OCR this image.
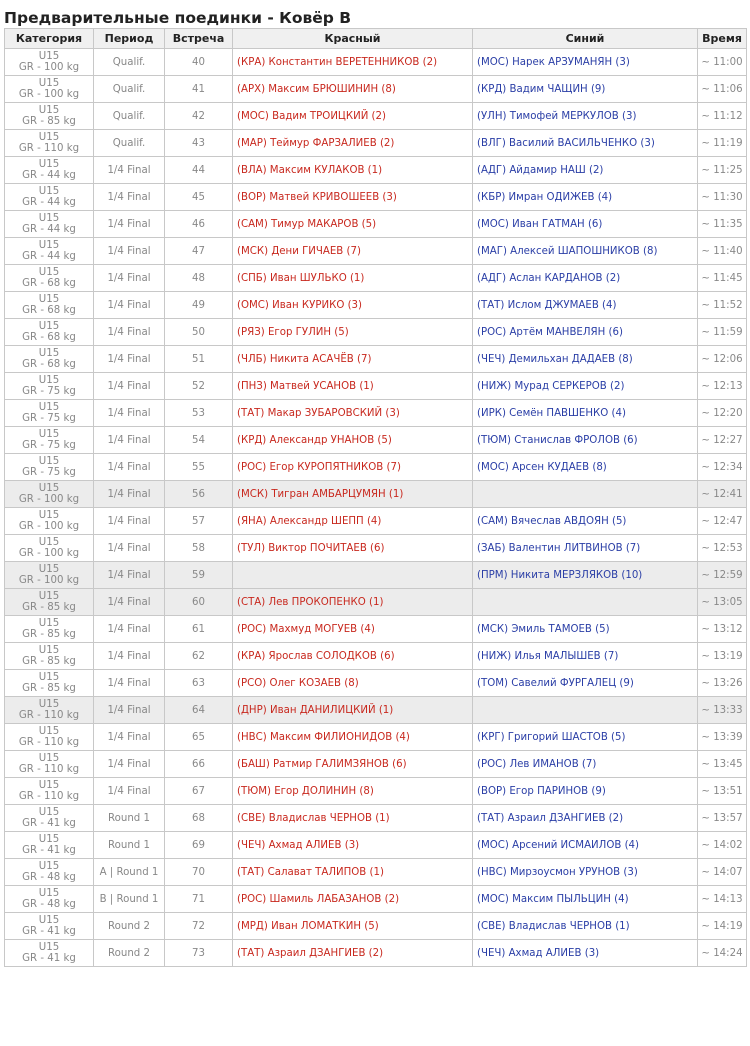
Предварительные поединки - Ковёр B
Категория	Период	Встреча	Красный	Синий	Время
U15
GR - 100 kg	Qualif.	40	(КРА) Константин ВЕРЕТЕННИКОВ (2)	(МОС) Нарек АРЗУМАНЯН (3)	~ 11:00
U15
GR - 100 kg	Qualif.	41	(АРХ) Максим БРЮШИНИН (8)	(КРД) Вадим ЧАЩИН (9)	~ 11:06
U15
GR - 85 kg	Qualif.	42	(МОС) Вадим ТРОИЦКИЙ (2)	(УЛН) Тимофей МЕРКУЛОВ (3)	~ 11:12
U15
GR - 110 kg	Qualif.	43	(МАР) Теймур ФАРЗАЛИЕВ (2)	(ВЛГ) Василий ВАСИЛЬЧЕНКО (3)	~ 11:19
U15
GR - 44 kg	1/4 Final	44	(ВЛА) Максим КУЛАКОВ (1)	(АДГ) Айдамир НАШ (2)	~ 11:25
U15
GR - 44 kg	1/4 Final	45	(ВОР) Матвей КРИВОШЕЕВ (3)	(КБР) Имран ОДИЖЕВ (4)	~ 11:30
U15
GR - 44 kg	1/4 Final	46	(САМ) Тимур МАКАРОВ (5)	(МОС) Иван ГАТМАН (6)	~ 11:35
U15
GR - 44 kg	1/4 Final	47	(МСК) Дени ГИЧАЕВ (7)	(МАГ) Алексей ШАПОШНИКОВ (8)	~ 11:40
U15
GR - 68 kg	1/4 Final	48	(СПБ) Иван ШУЛЬКО (1)	(АДГ) Аслан КАРДАНОВ (2)	~ 11:45
U15
GR - 68 kg	1/4 Final	49	(ОМС) Иван КУРИКО (3)	(ТАТ) Ислом ДЖУМАЕВ (4)	~ 11:52
U15
GR - 68 kg	1/4 Final	50	(РЯЗ) Егор ГУЛИН (5)	(РОС) Артём МАНВЕЛЯН (6)	~ 11:59
U15
GR - 68 kg	1/4 Final	51	(ЧЛБ) Никита АСАЧЁВ (7)	(ЧЕЧ) Демильхан ДАДАЕВ (8)	~ 12:06
U15
GR - 75 kg	1/4 Final	52	(ПНЗ) Матвей УСАНОВ (1)	(НИЖ) Мурад СЕРКЕРОВ (2)	~ 12:13
U15
GR - 75 kg	1/4 Final	53	(ТАТ) Макар ЗУБАРОВСКИЙ (3)	(ИРК) Семён ПАВШЕНКО (4)	~ 12:20
U15
GR - 75 kg	1/4 Final	54	(КРД) Александр УНАНОВ (5)	(ТЮМ) Станислав ФРОЛОВ (6)	~ 12:27
U15
GR - 75 kg	1/4 Final	55	(РОС) Егор КУРОПЯТНИКОВ (7)	(МОС) Арсен КУДАЕВ (8)	~ 12:34
U15
GR - 100 kg	1/4 Final	56	(МСК) Тигран АМБАРЦУМЯН (1)		~ 12:41
U15
GR - 100 kg	1/4 Final	57	(ЯНА) Александр ШЕПП (4)	(САМ) Вячеслав АВДОЯН (5)	~ 12:47
U15
GR - 100 kg	1/4 Final	58	(ТУЛ) Виктор ПОЧИТАЕВ (6)	(ЗАБ) Валентин ЛИТВИНОВ (7)	~ 12:53
U15
GR - 100 kg	1/4 Final	59		(ПРМ) Никита МЕРЗЛЯКОВ (10)	~ 12:59
U15
GR - 85 kg	1/4 Final	60	(СТА) Лев ПРОКОПЕНКО (1)		~ 13:05
U15
GR - 85 kg	1/4 Final	61	(РОС) Махмуд МОГУЕВ (4)	(МСК) Эмиль ТАМОЕВ (5)	~ 13:12
U15
GR - 85 kg	1/4 Final	62	(КРА) Ярослав СОЛОДКОВ (6)	(НИЖ) Илья МАЛЫШЕВ (7)	~ 13:19
U15
GR - 85 kg	1/4 Final	63	(РСО) Олег КОЗАЕВ (8)	(ТОМ) Савелий ФУРГАЛЕЦ (9)	~ 13:26
U15
GR - 110 kg	1/4 Final	64	(ДНР) Иван ДАНИЛИЦКИЙ (1)		~ 13:33
U15
GR - 110 kg	1/4 Final	65	(НВС) Максим ФИЛИОНИДОВ (4)	(КРГ) Григорий ШАСТОВ (5)	~ 13:39
U15
GR - 110 kg	1/4 Final	66	(БАШ) Ратмир ГАЛИМЗЯНОВ (6)	(РОС) Лев ИМАНОВ (7)	~ 13:45
U15
GR - 110 kg	1/4 Final	67	(ТЮМ) Егор ДОЛИНИН (8)	(ВОР) Егор ПАРИНОВ (9)	~ 13:51
U15
GR - 41 kg	Round 1	68	(СВЕ) Владислав ЧЕРНОВ (1)	(ТАТ) Азраил ДЗАНГИЕВ (2)	~ 13:57
U15
GR - 41 kg	Round 1	69	(ЧЕЧ) Ахмад АЛИЕВ (3)	(МОС) Арсений ИСМАИЛОВ (4)	~ 14:02
U15
GR - 48 kg	A | Round 1	70	(ТАТ) Салават ТАЛИПОВ (1)	(НВС) Мирзоусмон УРУНОВ (3)	~ 14:07
U15
GR - 48 kg	B | Round 1	71	(РОС) Шамиль ЛАБАЗАНОВ (2)	(МОС) Максим ПЫЛЬЦИН (4)	~ 14:13
U15
GR - 41 kg	Round 2	72	(МРД) Иван ЛОМАТКИН (5)	(СВЕ) Владислав ЧЕРНОВ (1)	~ 14:19
U15
GR - 41 kg	Round 2	73	(ТАТ) Азраил ДЗАНГИЕВ (2)	(ЧЕЧ) Ахмад АЛИЕВ (3)	~ 14:24
